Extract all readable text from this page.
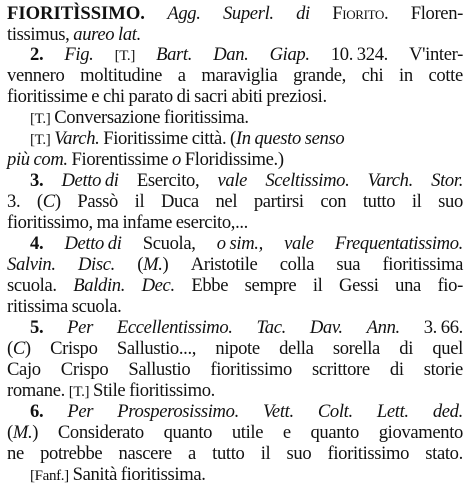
FIORITÌSSIMO. Agg. Superl. di Fiorito. Floren-
tissimus, aureo lat.
2. Fig. [T.] Bart. Dan. Giap. 10. 324. V'inter-
vennero moltitudine a maraviglia grande, chi in cotte
fioritissime e chi parato di sacri abiti preziosi.
[T.] Conversazione fioritissima.
[T.] Varch. Fioritissime città. (In questo senso
più com. Fiorentissime o Floridissime.)
3. Detto di Esercito, vale Sceltissimo. Varch. Stor.
3. (C) Passò il Duca nel partirsi con tutto il suo
fioritissimo, ma infame esercito,...
4. Detto di Scuola, o sim., vale Frequentatissimo.
Salvin. Disc. (M.) Aristotile colla sua fioritissima
scuola. Baldin. Dec. Ebbe sempre il Gessi una fio-
ritissima scuola.
5. Per Eccellentissimo. Tac. Dav. Ann. 3. 66.
(C) Crispo Sallustio..., nipote della sorella di quel
Cajo Crispo Sallustio fioritissimo scrittore di storie
romane. [T.] Stile fioritissimo.
6. Per Prosperosissimo. Vett. Colt. Lett. ded.
(M.) Considerato quanto utile e quanto giovamento
ne potrebbe nascere a tutto il suo fioritissimo stato.
[Fanf.] Sanità fioritissima.
